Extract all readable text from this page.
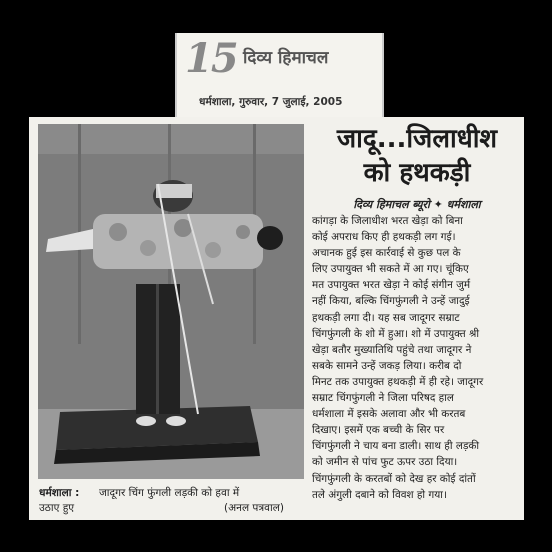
15 दिव्य हिमाचल
धर्मशाला, गुरुवार, 7 जुलाई, 2005
धर्मशाला : जादूगर चिंग फुंगली लड़की को हवा में
उठाए हुए	(अनल पत्रवाल)
जादू...जिलाधीश
को हथकड़ी
दिव्य हिमाचल ब्यूरो ✦ धर्मशाला
कांगड़ा के जिलाधीश भरत खेड़ा को बिना
कोई अपराध किए ही हथकड़ी लग गई।
अचानक हुई इस कार्रवाई से कुछ पल के
लिए उपायुक्त भी सकते में आ गए। चूंकिए
मत उपायुक्त भरत खेड़ा ने कोई संगीन जुर्म
नहीं किया, बल्कि चिंगफुंगली ने उन्हें जादुई
हथकड़ी लगा दी। यह सब जादूगर सम्राट
चिंगफुंगली के शो में हुआ। शो में उपायुक्त श्री
खेड़ा बतौर मुख्यातिथि पहुंचे तथा जादूगर ने
सबके सामने उन्हें जकड़ लिया। करीब दो
मिनट तक उपायुक्त हथकड़ी में ही रहे। जादूगर
सम्राट चिंगफुंगली ने जिला परिषद हाल
धर्मशाला में इसके अलावा और भी करतब
दिखाए। इसमें एक बच्ची के सिर पर
चिंगफुंगली ने चाय बना डाली। साथ ही लड़की
को जमीन से पांच फुट ऊपर उठा दिया।
चिंगफुंगली के करतबों को देख हर कोई दांतों
तले अंगुली दबाने को विवश हो गया।
